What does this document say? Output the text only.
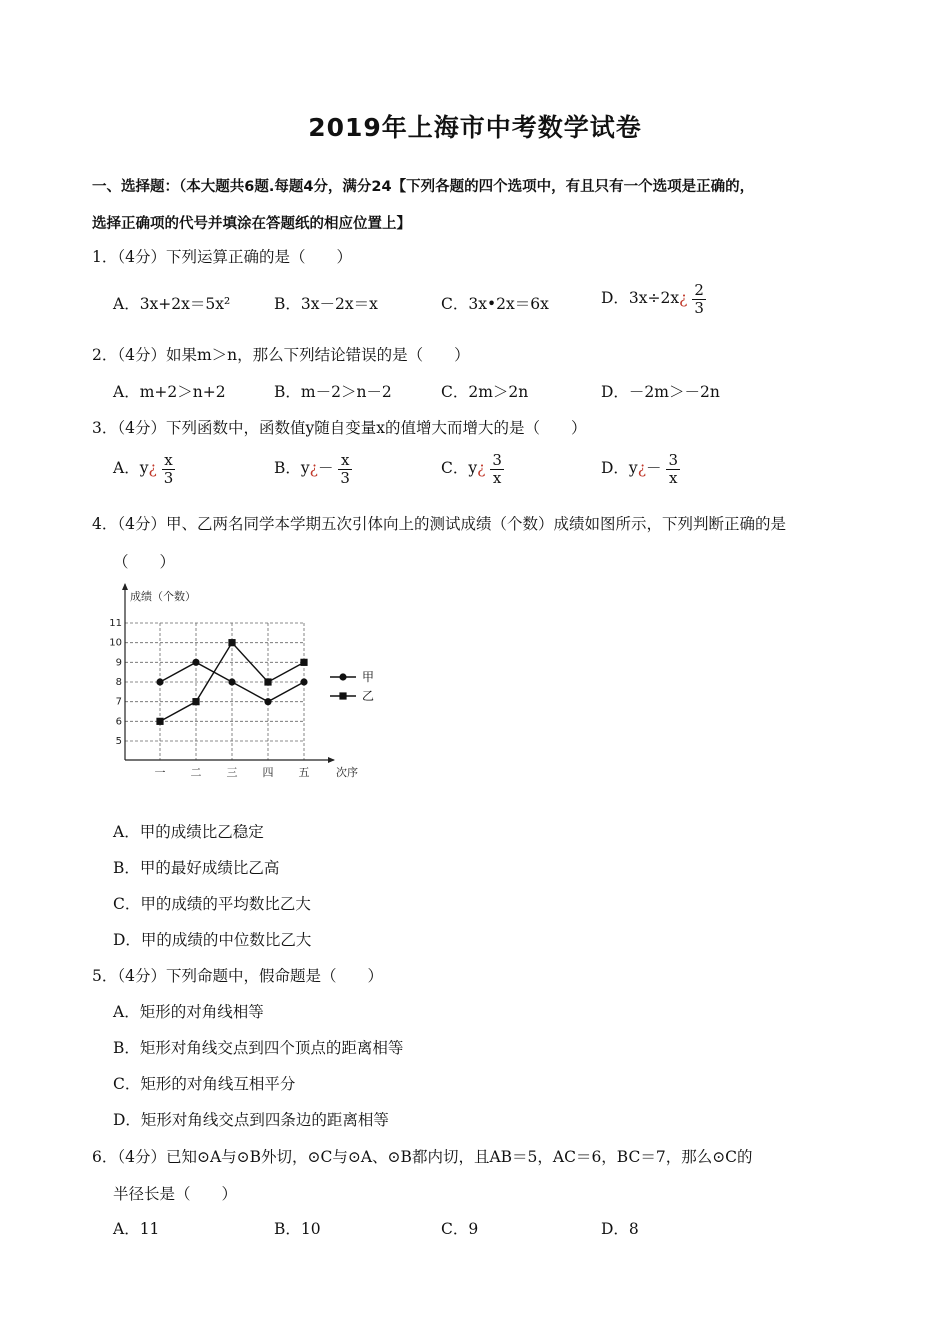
2019年上海市中考数学试卷
一、选择题：（本大题共6题.每题4分，满分24【下列各题的四个选项中，有且只有一个选项是正确的，
选择正确项的代号并填涂在答题纸的相应位置上】
1．（4分）下列运算正确的是（　　）
A．3x+2x＝5x²	B．3x－2x＝x	C．3x•2x＝6x	D．3x÷2x¿ $\frac{2}{3}$
2．（4分）如果m＞n，那么下列结论错误的是（　　）
A．m+2＞n+2	B．m－2＞n－2	C．2m＞2n	D．－2m＞－2n
3．（4分）下列函数中，函数值y随自变量x的值增大而增大的是（　　）
A．y¿ $\frac{x}{3}$	B．y¿－ $\frac{x}{3}$	C．y¿ $\frac{3}{x}$	D．y¿－ $\frac{3}{x}$
4．（4分）甲、乙两名同学本学期五次引体向上的测试成绩（个数）成绩如图所示，下列判断正确的是
（　　）
5
6
7
8
9
10
11
一 二 三 四 五
成绩（个数）
次序
甲
乙
A．甲的成绩比乙稳定
B．甲的最好成绩比乙高
C．甲的成绩的平均数比乙大
D．甲的成绩的中位数比乙大
5．（4分）下列命题中，假命题是（　　）
A．矩形的对角线相等
B．矩形对角线交点到四个顶点的距离相等
C．矩形的对角线互相平分
D．矩形对角线交点到四条边的距离相等
6．（4分）已知⊙A与⊙B外切，⊙C与⊙A、⊙B都内切，且AB＝5，AC＝6，BC＝7，那么⊙C的
半径长是（　　）
A．11	B．10	C．9	D．8
